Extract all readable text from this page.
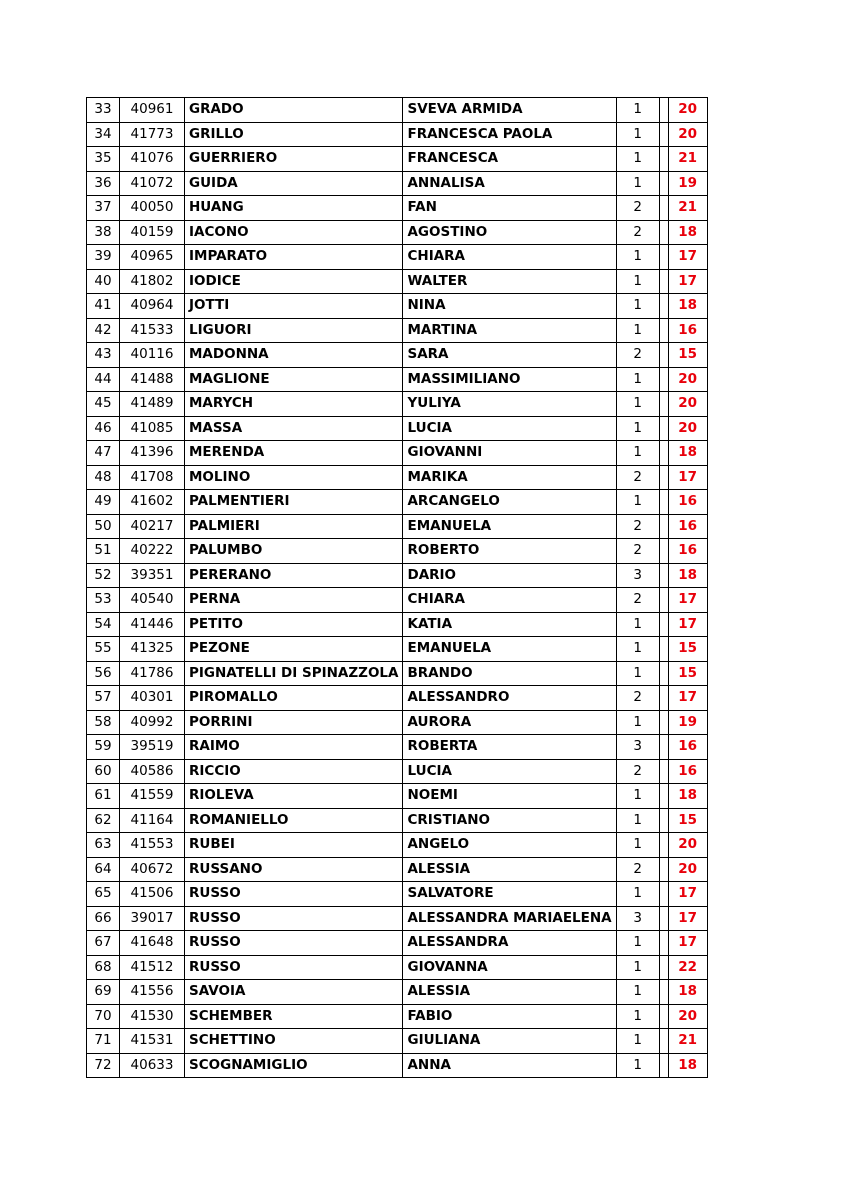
33	40961	GRADO	SVEVA ARMIDA	1		20
34	41773	GRILLO	FRANCESCA PAOLA	1		20
35	41076	GUERRIERO	FRANCESCA	1		21
36	41072	GUIDA	ANNALISA	1		19
37	40050	HUANG	FAN	2		21
38	40159	IACONO	AGOSTINO	2		18
39	40965	IMPARATO	CHIARA	1		17
40	41802	IODICE	WALTER	1		17
41	40964	JOTTI	NINA	1		18
42	41533	LIGUORI	MARTINA	1		16
43	40116	MADONNA	SARA	2		15
44	41488	MAGLIONE	MASSIMILIANO	1		20
45	41489	MARYCH	YULIYA	1		20
46	41085	MASSA	LUCIA	1		20
47	41396	MERENDA	GIOVANNI	1		18
48	41708	MOLINO	MARIKA	2		17
49	41602	PALMENTIERI	ARCANGELO	1		16
50	40217	PALMIERI	EMANUELA	2		16
51	40222	PALUMBO	ROBERTO	2		16
52	39351	PERERANO	DARIO	3		18
53	40540	PERNA	CHIARA	2		17
54	41446	PETITO	KATIA	1		17
55	41325	PEZONE	EMANUELA	1		15
56	41786	PIGNATELLI DI SPINAZZOLA	BRANDO	1		15
57	40301	PIROMALLO	ALESSANDRO	2		17
58	40992	PORRINI	AURORA	1		19
59	39519	RAIMO	ROBERTA	3		16
60	40586	RICCIO	LUCIA	2		16
61	41559	RIOLEVA	NOEMI	1		18
62	41164	ROMANIELLO	CRISTIANO	1		15
63	41553	RUBEI	ANGELO	1		20
64	40672	RUSSANO	ALESSIA	2		20
65	41506	RUSSO	SALVATORE	1		17
66	39017	RUSSO	ALESSANDRA MARIAELENA	3		17
67	41648	RUSSO	ALESSANDRA	1		17
68	41512	RUSSO	GIOVANNA	1		22
69	41556	SAVOIA	ALESSIA	1		18
70	41530	SCHEMBER	FABIO	1		20
71	41531	SCHETTINO	GIULIANA	1		21
72	40633	SCOGNAMIGLIO	ANNA	1		18
